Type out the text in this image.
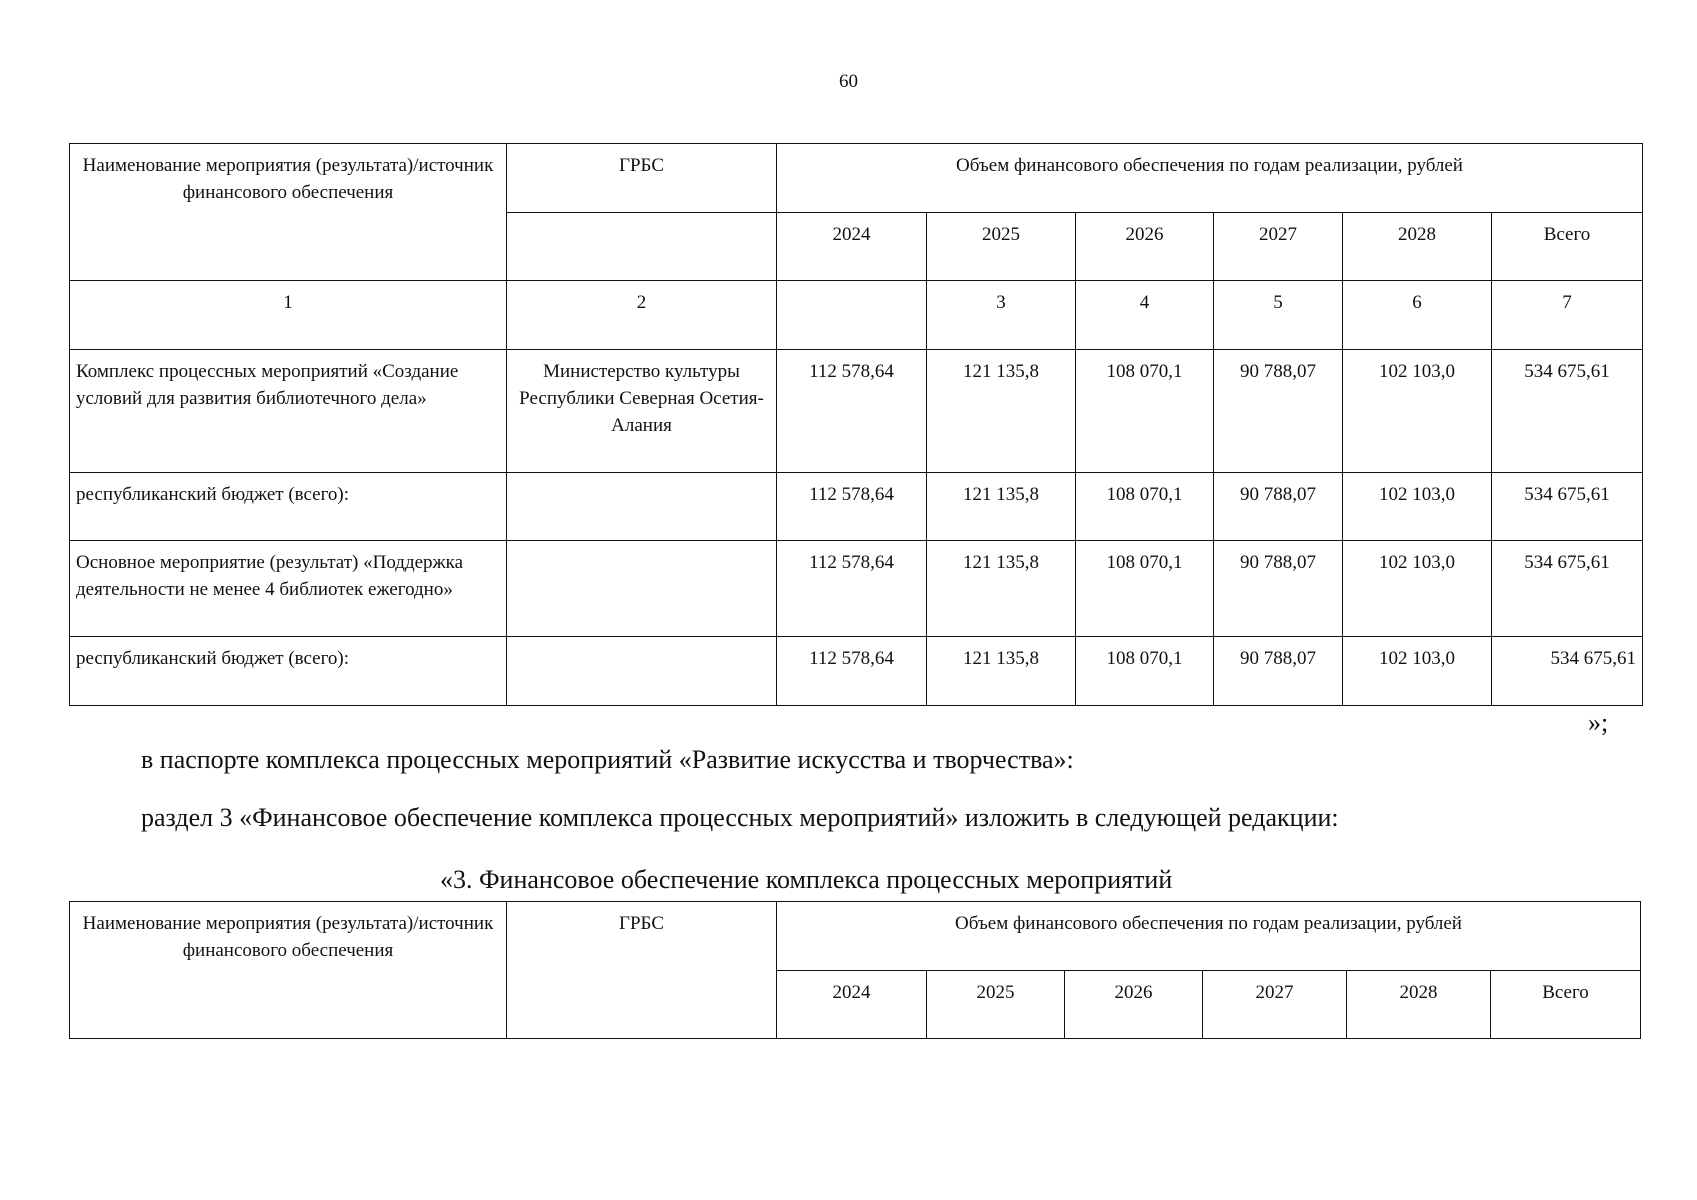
60
Наименование мероприятия (результата)/источник финансового обеспечения	ГРБС	Объем финансового обеспечения по годам реализации, рублей					
		2024	2025	2026	2027	2028	Всего
1	2		3	4	5	6	7
Комплекс процессных мероприятий «Создание условий для развития библиотечного дела»	Министерство культуры Республики Северная Осетия-Алания	112 578,64	121 135,8	108 070,1	90 788,07	102 103,0	534 675,61
республиканский бюджет (всего):		112 578,64	121 135,8	108 070,1	90 788,07	102 103,0	534 675,61
Основное мероприятие (результат) «Поддержка деятельности не менее 4 библиотек ежегодно»		112 578,64	121 135,8	108 070,1	90 788,07	102 103,0	534 675,61
республиканский бюджет (всего):		112 578,64	121 135,8	108 070,1	90 788,07	102 103,0	534 675,61
»;
в паспорте комплекса процессных мероприятий «Развитие искусства и творчества»:
раздел 3 «Финансовое обеспечение комплекса процессных мероприятий» изложить в следующей редакции:
«3. Финансовое обеспечение комплекса процессных мероприятий
Наименование мероприятия (результата)/источник финансового обеспечения	ГРБС	Объем финансового обеспечения по годам реализации, рублей					
		2024	2025	2026	2027	2028	Всего
